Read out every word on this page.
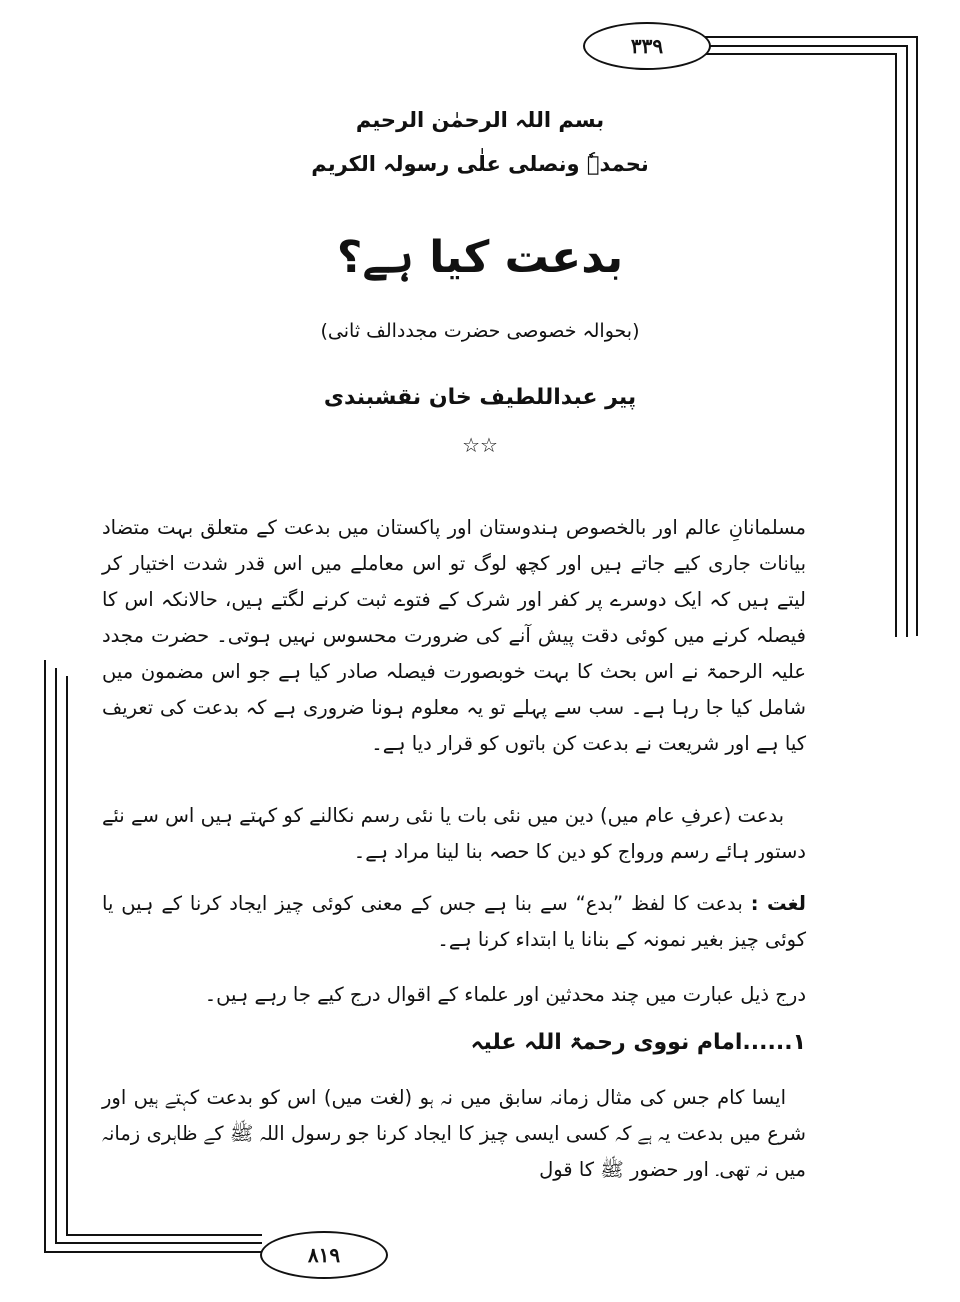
۳۳۹
۸۱۹
بسم اللہ الرحمٰن الرحیم
نحمدہٗ ونصلی علٰی رسولہ الکریم
بدعت کیا ہے؟
(بحوالہ خصوصی حضرت مجددالف ثانی)
پیر عبداللطیف خان نقشبندی
☆☆
مسلمانانِ عالم اور بالخصوص ہندوستان اور پاکستان میں بدعت کے متعلق بہت متضاد بیانات جاری کیے جاتے ہیں اور کچھ لوگ تو اس معاملے میں اس قدر شدت اختیار کر لیتے ہیں کہ ایک دوسرے پر کفر اور شرک کے فتوے ثبت کرنے لگتے ہیں، حالانکہ اس کا فیصلہ کرنے میں کوئی دقت پیش آنے کی ضرورت محسوس نہیں ہوتی۔ حضرت مجدد علیہ الرحمۃ نے اس بحث کا بہت خوبصورت فیصلہ صادر کیا ہے جو اس مضمون میں شامل کیا جا رہا ہے۔ سب سے پہلے تو یہ معلوم ہونا ضروری ہے کہ بدعت کی تعریف کیا ہے اور شریعت نے بدعت کن باتوں کو قرار دیا ہے۔
بدعت (عرفِ عام میں) دین میں نئی بات یا نئی رسم نکالنے کو کہتے ہیں اس سے نئے دستور ہائے رسم ورواج کو دین کا حصہ بنا لینا مراد ہے۔
لغت : بدعت کا لفظ ”بدع“ سے بنا ہے جس کے معنی کوئی چیز ایجاد کرنا کے ہیں یا کوئی چیز بغیر نمونہ کے بنانا یا ابتداء کرنا ہے۔
درج ذیل عبارت میں چند محدثین اور علماء کے اقوال درج کیے جا رہے ہیں۔
۱......امام نووی رحمۃ اللہ علیہ
ایسا کام جس کی مثال زمانہ سابق میں نہ ہو (لغت میں) اس کو بدعت کہتے ہیں اور شرع میں بدعت یہ ہے کہ کسی ایسی چیز کا ایجاد کرنا جو رسول اللہ ﷺ کے ظاہری زمانہ میں نہ تھی۔ اور حضور ﷺ کا قول
